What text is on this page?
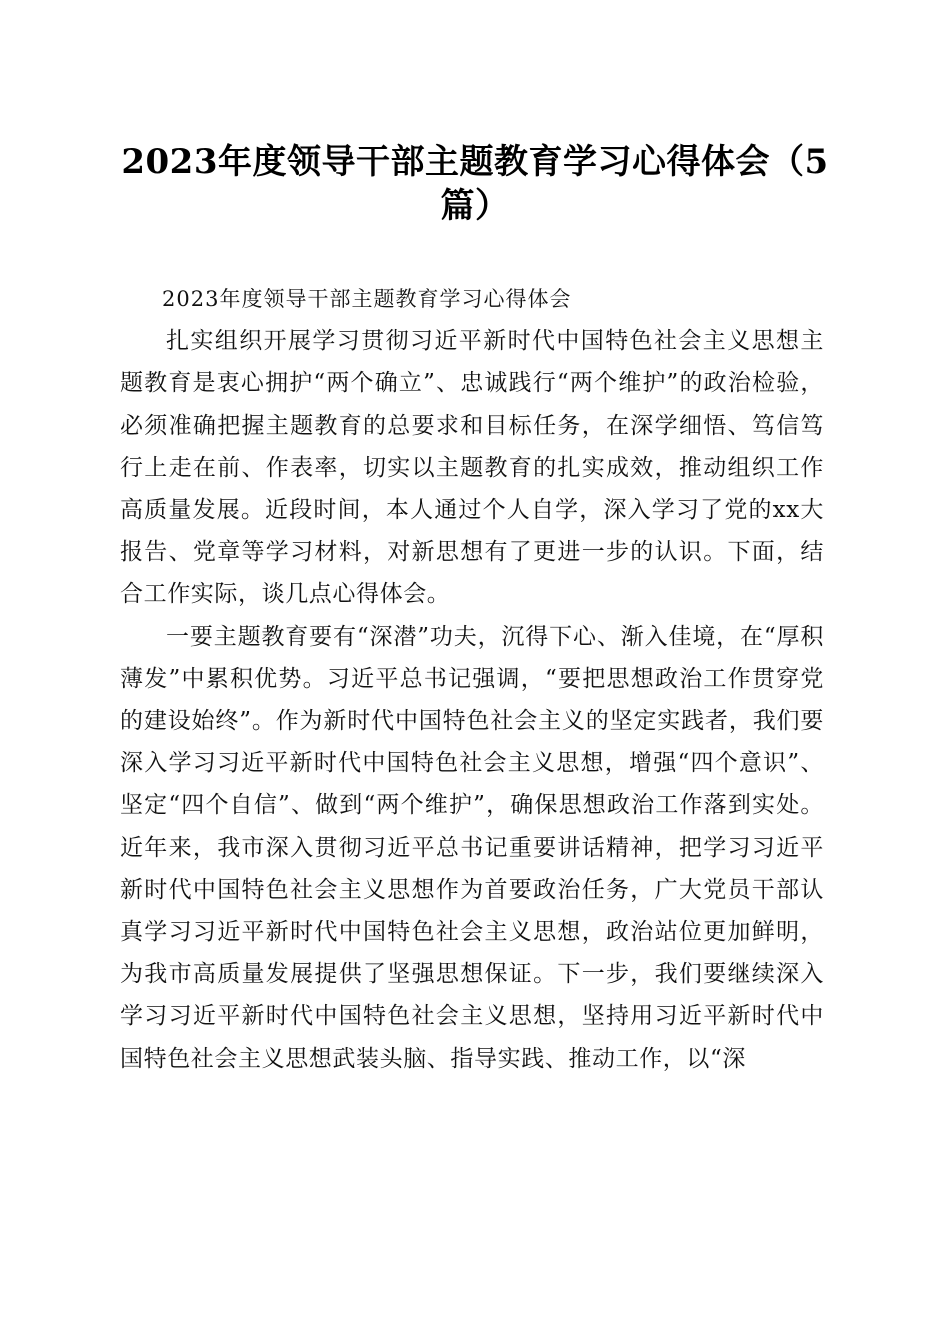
2023年度领导干部主题教育学习心得体会（5篇）

2023年度领导干部主题教育学习心得体会

扎实组织开展学习贯彻习近平新时代中国特色社会主义思想主题教育是衷心拥护“两个确立”、忠诚践行“两个维护”的政治检验，必须准确把握主题教育的总要求和目标任务，在深学细悟、笃信笃行上走在前、作表率，切实以主题教育的扎实成效，推动组织工作高质量发展。近段时间，本人通过个人自学，深入学习了党的xx大报告、党章等学习材料，对新思想有了更进一步的认识。下面，结合工作实际，谈几点心得体会。

一要主题教育要有“深潜”功夫，沉得下心、渐入佳境，在“厚积薄发”中累积优势。习近平总书记强调，“要把思想政治工作贯穿党的建设始终”。作为新时代中国特色社会主义的坚定实践者，我们要深入学习习近平新时代中国特色社会主义思想，增强“四个意识”、坚定“四个自信”、做到“两个维护”，确保思想政治工作落到实处。近年来，我市深入贯彻习近平总书记重要讲话精神，把学习习近平新时代中国特色社会主义思想作为首要政治任务，广大党员干部认真学习习近平新时代中国特色社会主义思想，政治站位更加鲜明，为我市高质量发展提供了坚强思想保证。下一步，我们要继续深入学习习近平新时代中国特色社会主义思想，坚持用习近平新时代中国特色社会主义思想武装头脑、指导实践、推动工作，以“深
